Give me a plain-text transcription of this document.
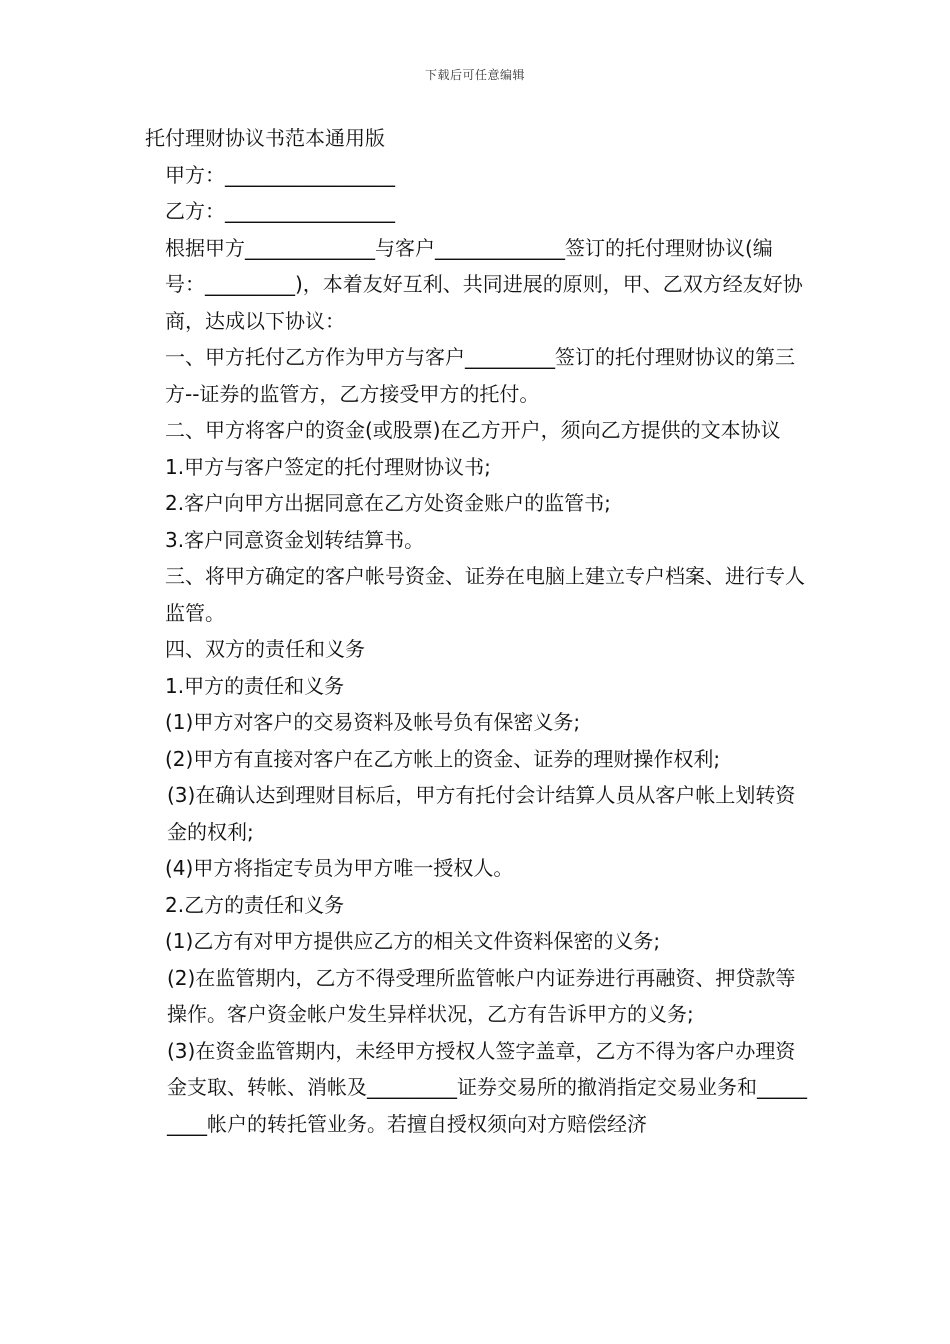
下载后可任意编辑

托付理财协议书范本通用版

甲方：_________________

乙方：_________________

根据甲方_____________与客户_____________签订的托付理财协议(编号：_________)，本着友好互利、共同进展的原则，甲、乙双方经友好协商，达成以下协议：

一、甲方托付乙方作为甲方与客户_________签订的托付理财协议的第三方--证券的监管方，乙方接受甲方的托付。

二、甲方将客户的资金(或股票)在乙方开户，须向乙方提供的文本协议

1.甲方与客户签定的托付理财协议书;

2.客户向甲方出据同意在乙方处资金账户的监管书;

3.客户同意资金划转结算书。

三、将甲方确定的客户帐号资金、证券在电脑上建立专户档案、进行专人监管。

四、双方的责任和义务

1.甲方的责任和义务

(1)甲方对客户的交易资料及帐号负有保密义务;

(2)甲方有直接对客户在乙方帐上的资金、证券的理财操作权利;

(3)在确认达到理财目标后，甲方有托付会计结算人员从客户帐上划转资金的权利;

(4)甲方将指定专员为甲方唯一授权人。

2.乙方的责任和义务

(1)乙方有对甲方提供应乙方的相关文件资料保密的义务;

(2)在监管期内，乙方不得受理所监管帐户内证券进行再融资、押贷款等操作。客户资金帐户发生异样状况，乙方有告诉甲方的义务;

(3)在资金监管期内，未经甲方授权人签字盖章，乙方不得为客户办理资金支取、转帐、消帐及_________证券交易所的撤消指定交易业务和_________帐户的转托管业务。若擅自授权须向对方赔偿经济
